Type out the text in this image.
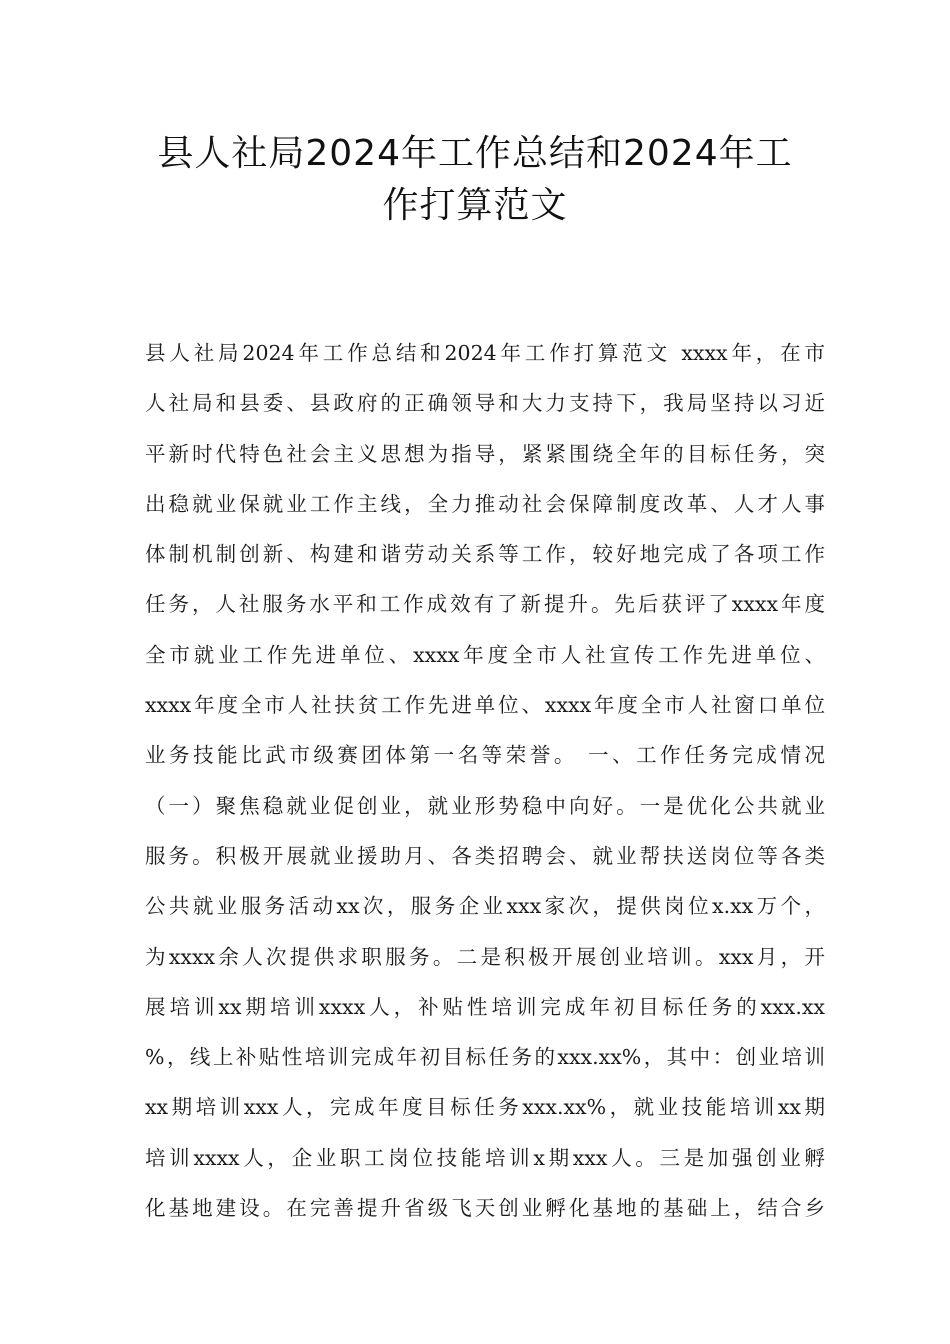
县人社局2024年工作总结和2024年工
作打算范文
县人社局2024年工作总结和2024年工作打算范文 xxxx年，在市
人社局和县委、县政府的正确领导和大力支持下，我局坚持以习近
平新时代特色社会主义思想为指导，紧紧围绕全年的目标任务，突
出稳就业保就业工作主线，全力推动社会保障制度改革、人才人事
体制机制创新、构建和谐劳动关系等工作，较好地完成了各项工作
任务，人社服务水平和工作成效有了新提升。先后获评了xxxx年度
全市就业工作先进单位、xxxx年度全市人社宣传工作先进单位、
xxxx年度全市人社扶贫工作先进单位、xxxx年度全市人社窗口单位
业务技能比武市级赛团体第一名等荣誉。 一、工作任务完成情况
（一）聚焦稳就业促创业，就业形势稳中向好。一是优化公共就业
服务。积极开展就业援助月、各类招聘会、就业帮扶送岗位等各类
公共就业服务活动xx次，服务企业xxx家次，提供岗位x.xx万个，
为xxxx余人次提供求职服务。二是积极开展创业培训。xxx月，开
展培训xx期培训xxxx人，补贴性培训完成年初目标任务的xxx.xx
%，线上补贴性培训完成年初目标任务的xxx.xx%，其中：创业培训
xx期培训xxx人，完成年度目标任务xxx.xx%，就业技能培训xx期
培训xxxx人，企业职工岗位技能培训x期xxx人。三是加强创业孵
化基地建设。在完善提升省级飞天创业孵化基地的基础上，结合乡
